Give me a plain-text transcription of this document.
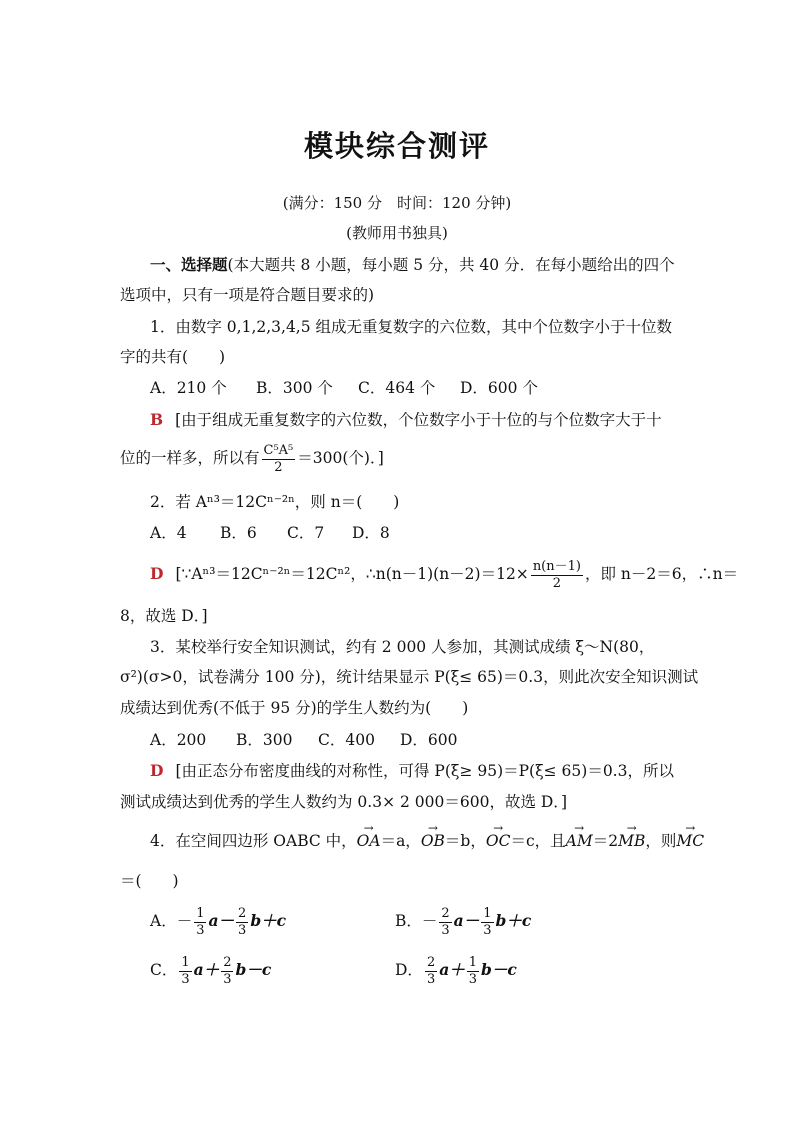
模块综合测评
(满分：150 分　时间：120 分钟)
(教师用书独具)
一、选择题(本大题共 8 小题，每小题 5 分，共 40 分．在每小题给出的四个
选项中，只有一项是符合题目要求的)
1．由数字 0,1,2,3,4,5 组成无重复数字的六位数，其中个位数字小于十位数
字的共有(　　)
A．210 个 B．300 个 C．464 个 D．600 个
B [由于组成无重复数字的六位数，个位数字小于十位的与个位数字大于十
位的一样多，所以有 $\frac{\text{C⁵A⁵}}{2} =300$(个)．]
2．若 Aⁿ³＝12Cⁿ⁻²ⁿ，则 n＝(　　)
A．4 B．6 C．7 D．8
D [∵Aⁿ³＝12Cⁿ⁻²ⁿ＝12Cⁿ²，∴n(n－1)(n－2)＝12× $\frac{n(n-1)}{2}$ ，即 n－2＝6，∴n＝
8，故选 D．]
3．某校举行安全知识测试，约有 2 000 人参加，其测试成绩 ξ～N(80，
σ²)(σ>0，试卷满分 100 分)，统计结果显示 P(ξ≤ 65)＝0.3，则此次安全知识测试
成绩达到优秀(不低于 95 分)的学生人数约为(　　)
A．200 B．300 C．400 D．600
D [由正态分布密度曲线的对称性，可得 P(ξ≥ 95)＝P(ξ≤ 65)＝0.3，所以
测试成绩达到优秀的学生人数约为 0.3× 2 000＝600，故选 D．]
4．在空间四边形 OABC 中，→ OA＝a，→ OB＝b，→ OC＝c，且→ AM＝2→ MB，则→ MC
＝(　　)
A．－ $\frac{1}{3} a- \frac{2}{3} b+c$	B．－ $\frac{2}{3} a- \frac{1}{3} b+c$
C． $\frac{1}{3} a+ \frac{2}{3} b-c$	D． $\frac{2}{3} a+ \frac{1}{3} b-c$
